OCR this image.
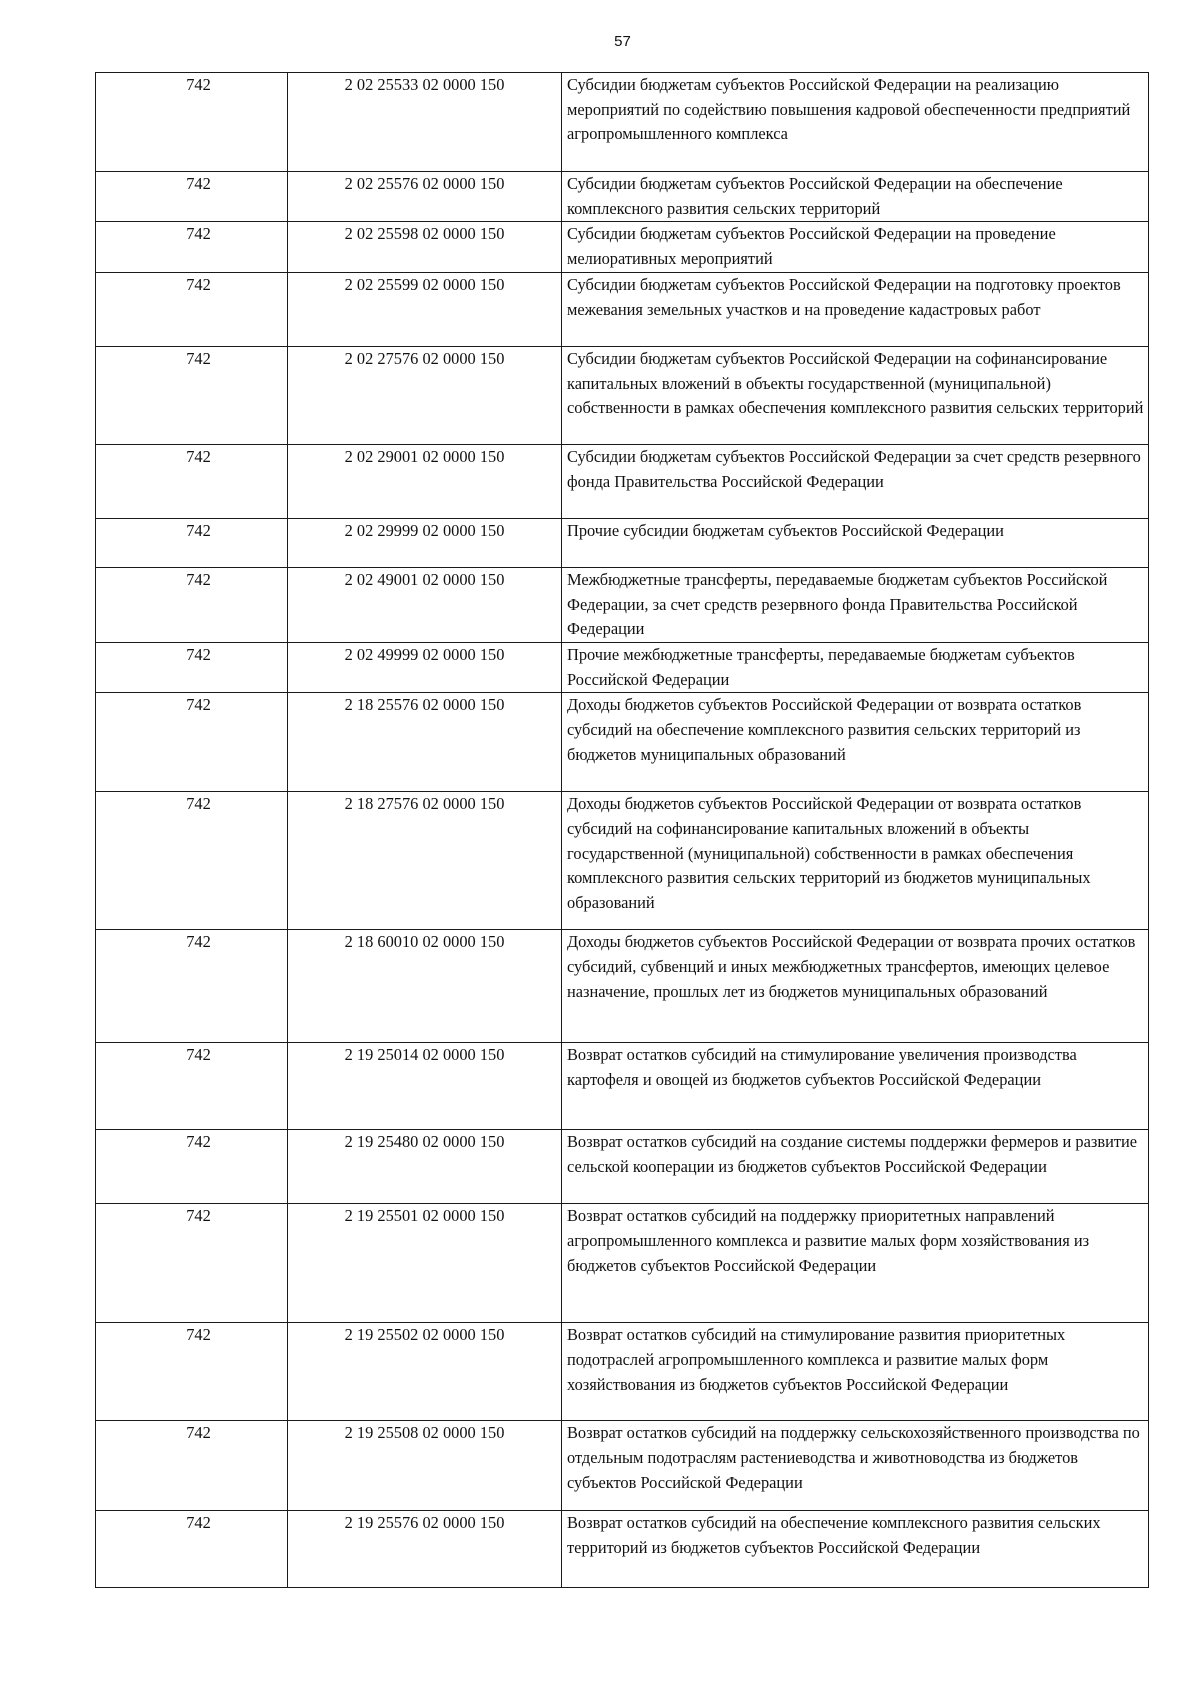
57
742	2 02 25533 02 0000 150	Субсидии бюджетам субъектов Российской Федерации на реализацию мероприятий по содействию повышения кадровой обеспеченности предприятий агропромышленного комплекса
742	2 02 25576 02 0000 150	Субсидии бюджетам субъектов Российской Федерации на обеспечение комплексного развития сельских территорий
742	2 02 25598 02 0000 150	Субсидии бюджетам субъектов Российской Федерации на проведение мелиоративных мероприятий
742	2 02 25599 02 0000 150	Субсидии бюджетам субъектов Российской Федерации на подготовку проектов межевания земельных участков и на проведение кадастровых работ
742	2 02 27576 02 0000 150	Субсидии бюджетам субъектов Российской Федерации на софинансирование капитальных вложений в объекты государственной (муниципальной) собственности в рамках обеспечения комплексного развития сельских территорий
742	2 02 29001 02 0000 150	Субсидии бюджетам субъектов Российской Федерации за счет средств резервного фонда Правительства Российской Федерации
742	2 02 29999 02 0000 150	Прочие субсидии бюджетам субъектов Российской Федерации
742	2 02 49001 02 0000 150	Межбюджетные трансферты, передаваемые бюджетам субъектов Российской Федерации, за счет средств резервного фонда Правительства Российской Федерации
742	2 02 49999 02 0000 150	Прочие межбюджетные трансферты, передаваемые бюджетам субъектов Российской Федерации
742	2 18 25576 02 0000 150	Доходы бюджетов субъектов Российской Федерации от возврата остатков субсидий на обеспечение комплексного развития сельских территорий из бюджетов муниципальных образований
742	2 18 27576 02 0000 150	Доходы бюджетов субъектов Российской Федерации от возврата остатков субсидий на софинансирование капитальных вложений в объекты государственной (муниципальной) собственности в рамках обеспечения комплексного развития сельских территорий из бюджетов муниципальных образований
742	2 18 60010 02 0000 150	Доходы бюджетов субъектов Российской Федерации от возврата прочих остатков субсидий, субвенций и иных межбюджетных трансфертов, имеющих целевое назначение, прошлых лет из бюджетов муниципальных образований
742	2 19 25014 02 0000 150	Возврат остатков субсидий на стимулирование увеличения производства картофеля и овощей из бюджетов субъектов Российской Федерации
742	2 19 25480 02 0000 150	Возврат остатков субсидий на создание системы поддержки фермеров и развитие сельской кооперации из бюджетов субъектов Российской Федерации
742	2 19 25501 02 0000 150	Возврат остатков субсидий на поддержку приоритетных направлений агропромышленного комплекса и развитие малых форм хозяйствования из бюджетов субъектов Российской Федерации
742	2 19 25502 02 0000 150	Возврат остатков субсидий на стимулирование развития приоритетных подотраслей агропромышленного комплекса и развитие малых форм хозяйствования из бюджетов субъектов Российской Федерации
742	2 19 25508 02 0000 150	Возврат остатков субсидий на поддержку сельскохозяйственного производства по отдельным подотраслям растениеводства и животноводства из бюджетов субъектов Российской Федерации
742	2 19 25576 02 0000 150	Возврат остатков субсидий на обеспечение комплексного развития сельских территорий из бюджетов субъектов Российской Федерации
